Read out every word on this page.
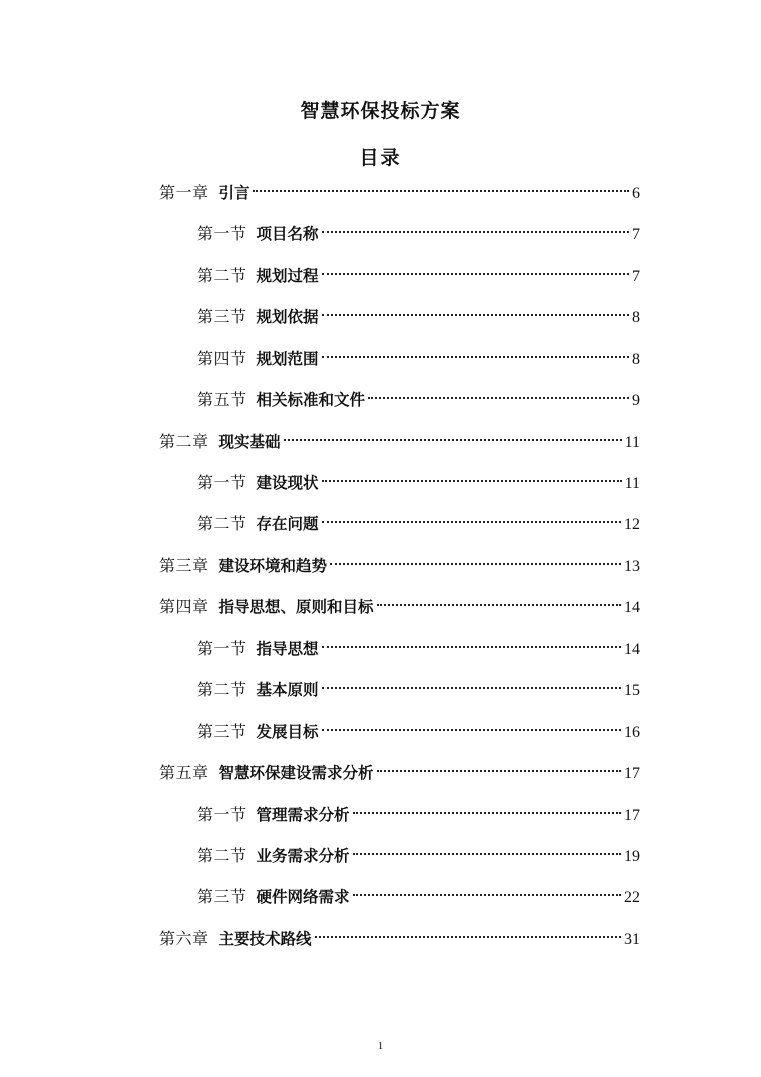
智慧环保投标方案
目录
第一章 引言	6
第一节 项目名称	7
第二节 规划过程	7
第三节 规划依据	8
第四节 规划范围	8
第五节 相关标准和文件	9
第二章 现实基础	11
第一节 建设现状	11
第二节 存在问题	12
第三章 建设环境和趋势	13
第四章 指导思想、原则和目标	14
第一节 指导思想	14
第二节 基本原则	15
第三节 发展目标	16
第五章 智慧环保建设需求分析	17
第一节 管理需求分析	17
第二节 业务需求分析	19
第三节 硬件网络需求	22
第六章 主要技术路线	31
1
